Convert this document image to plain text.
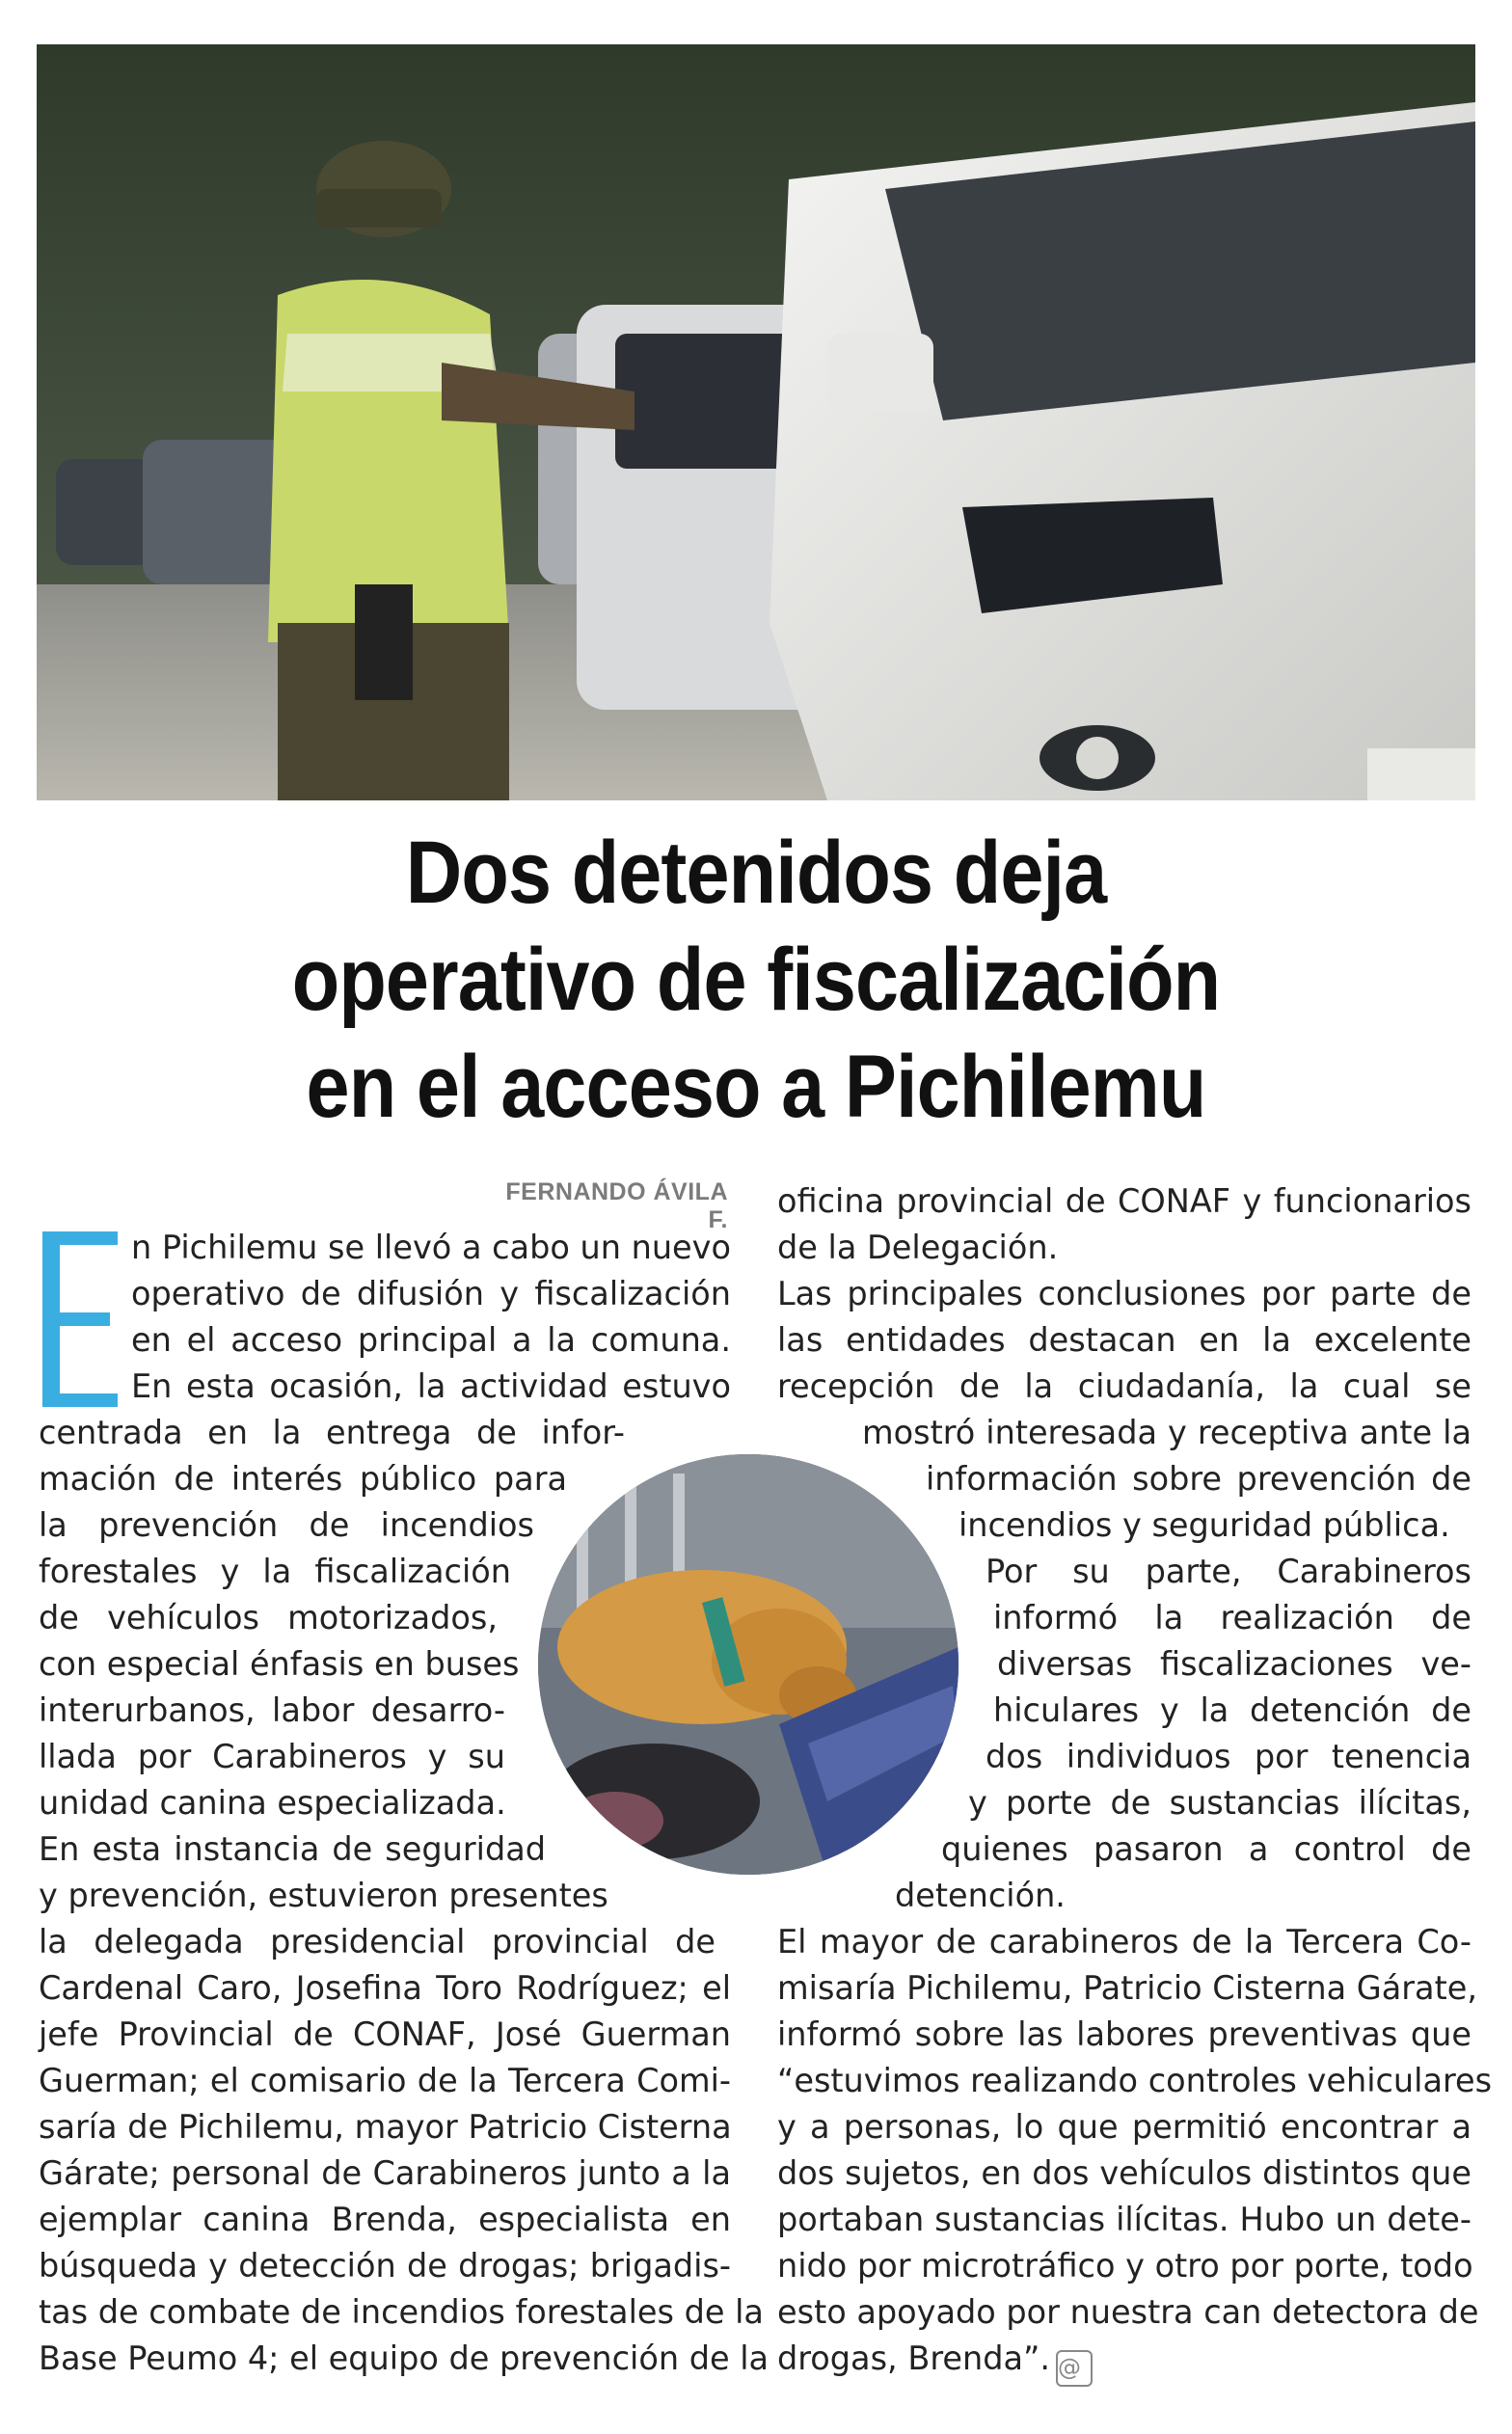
Dos detenidos deja
operativo de fiscalización
en el acceso a Pichilemu
FERNANDO ÁVILA F.
n Pichilemu se llevó a cabo un nuevo
operativo de difusión y fiscalización
en el acceso principal a la comuna.
En esta ocasión, la actividad estuvo
centrada en la entrega de infor-
mación de interés público para
la prevención de incendios
forestales y la fiscalización
de vehículos motorizados,
con especial énfasis en buses
interurbanos, labor desarro-
llada por Carabineros y su
unidad canina especializada.
En esta instancia de seguridad
y prevención, estuvieron presentes
la delegada presidencial provincial de
Cardenal Caro, Josefina Toro Rodríguez; el
jefe Provincial de CONAF, José Guerman
Guerman; el comisario de la Tercera Comi-
saría de Pichilemu, mayor Patricio Cisterna
Gárate; personal de Carabineros junto a la
ejemplar canina Brenda, especialista en
búsqueda y detección de drogas; brigadis-
tas de combate de incendios forestales de la
Base Peumo 4; el equipo de prevención de la
oficina provincial de CONAF y funcionarios
de la Delegación.
Las principales conclusiones por parte de
las entidades destacan en la excelente
recepción de la ciudadanía, la cual se
mostró interesada y receptiva ante la
información sobre prevención de
incendios y seguridad pública.
Por su parte, Carabineros
informó la realización de
diversas fiscalizaciones ve-
hiculares y la detención de
dos individuos por tenencia
y porte de sustancias ilícitas,
quienes pasaron a control de
detención.
El mayor de carabineros de la Tercera Co-
misaría Pichilemu, Patricio Cisterna Gárate,
informó sobre las labores preventivas que
“estuvimos realizando controles vehiculares
y a personas, lo que permitió encontrar a
dos sujetos, en dos vehículos distintos que
portaban sustancias ilícitas. Hubo un dete-
nido por microtráfico y otro por porte, todo
esto apoyado por nuestra can detectora de
drogas, Brenda”. @
